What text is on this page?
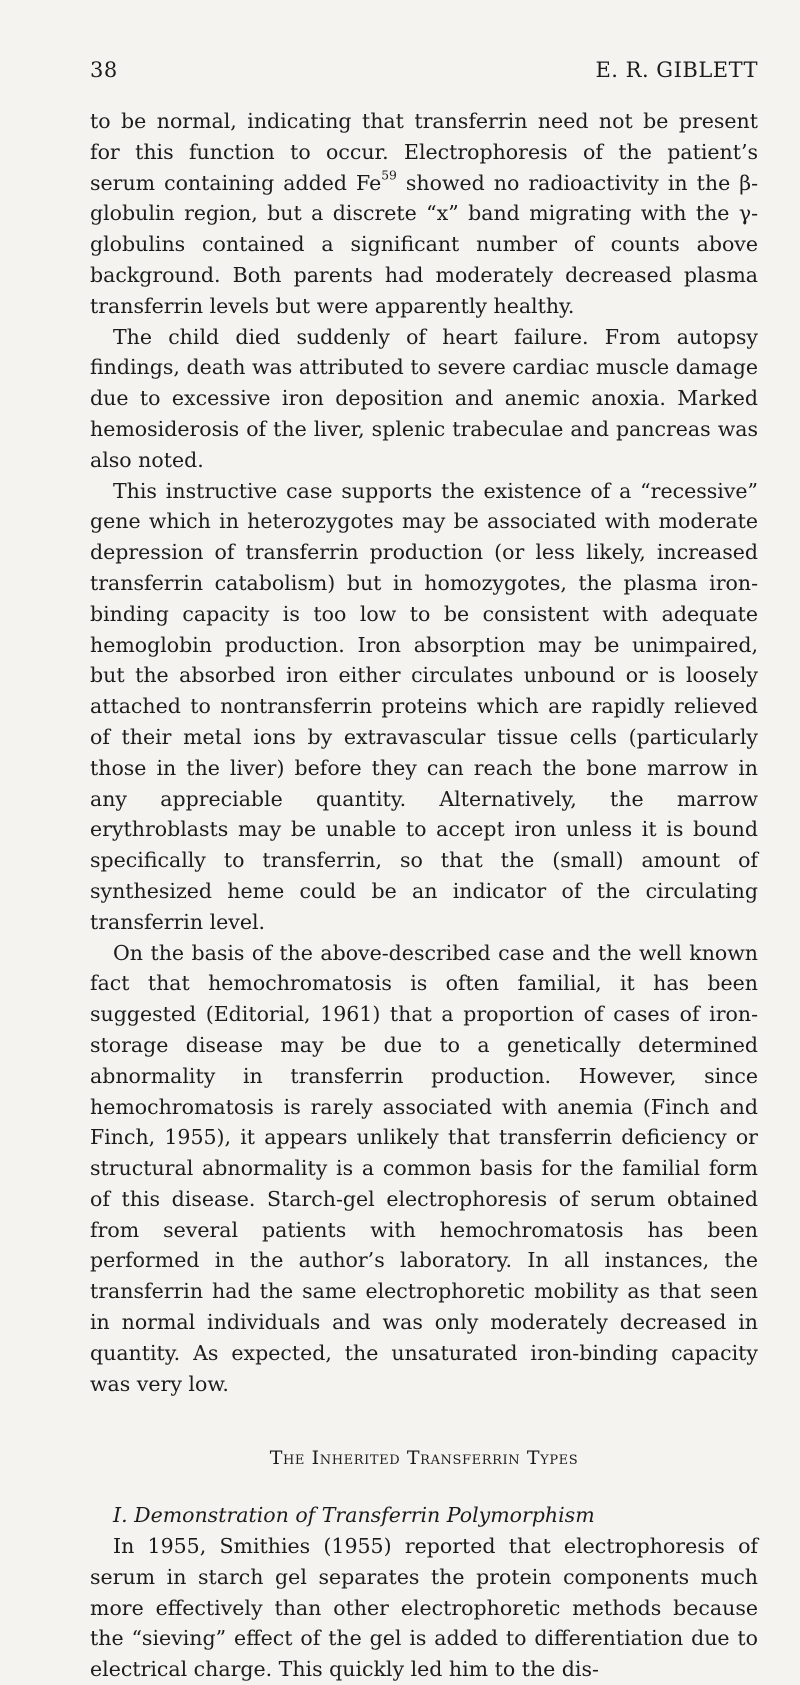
38	E. R. GIBLETT

to be normal, indicating that transferrin need not be present for this function to occur. Electrophoresis of the patient’s serum containing added Fe$^{59}$ showed no radioactivity in the β-globulin region, but a discrete “x” band migrating with the γ-globulins contained a significant number of counts above background. Both parents had moderately decreased plasma transferrin levels but were apparently healthy.

The child died suddenly of heart failure. From autopsy findings, death was attributed to severe cardiac muscle damage due to excessive iron deposition and anemic anoxia. Marked hemosiderosis of the liver, splenic trabeculae and pancreas was also noted.

This instructive case supports the existence of a “recessive” gene which in heterozygotes may be associated with moderate depression of transferrin production (or less likely, increased transferrin catabolism) but in homozygotes, the plasma iron-binding capacity is too low to be consistent with adequate hemoglobin production. Iron absorption may be unimpaired, but the absorbed iron either circulates unbound or is loosely attached to nontransferrin proteins which are rapidly relieved of their metal ions by extravascular tissue cells (particularly those in the liver) before they can reach the bone marrow in any appreciable quantity. Alternatively, the marrow erythroblasts may be unable to accept iron unless it is bound specifically to transferrin, so that the (small) amount of synthesized heme could be an indicator of the circulating transferrin level.

On the basis of the above-described case and the well known fact that hemochromatosis is often familial, it has been suggested (Editorial, 1961) that a proportion of cases of iron-storage disease may be due to a genetically determined abnormality in transferrin production. However, since hemochromatosis is rarely associated with anemia (Finch and Finch, 1955), it appears unlikely that transferrin deficiency or structural abnormality is a common basis for the familial form of this disease. Starch-gel electrophoresis of serum obtained from several patients with hemochromatosis has been performed in the author’s laboratory. In all instances, the transferrin had the same electrophoretic mobility as that seen in normal individuals and was only moderately decreased in quantity. As expected, the unsaturated iron-binding capacity was very low.

The Inherited Transferrin Types

I. Demonstration of Transferrin Polymorphism

In 1955, Smithies (1955) reported that electrophoresis of serum in starch gel separates the protein components much more effectively than other electrophoretic methods because the “sieving” effect of the gel is added to differentiation due to electrical charge. This quickly led him to the dis-
